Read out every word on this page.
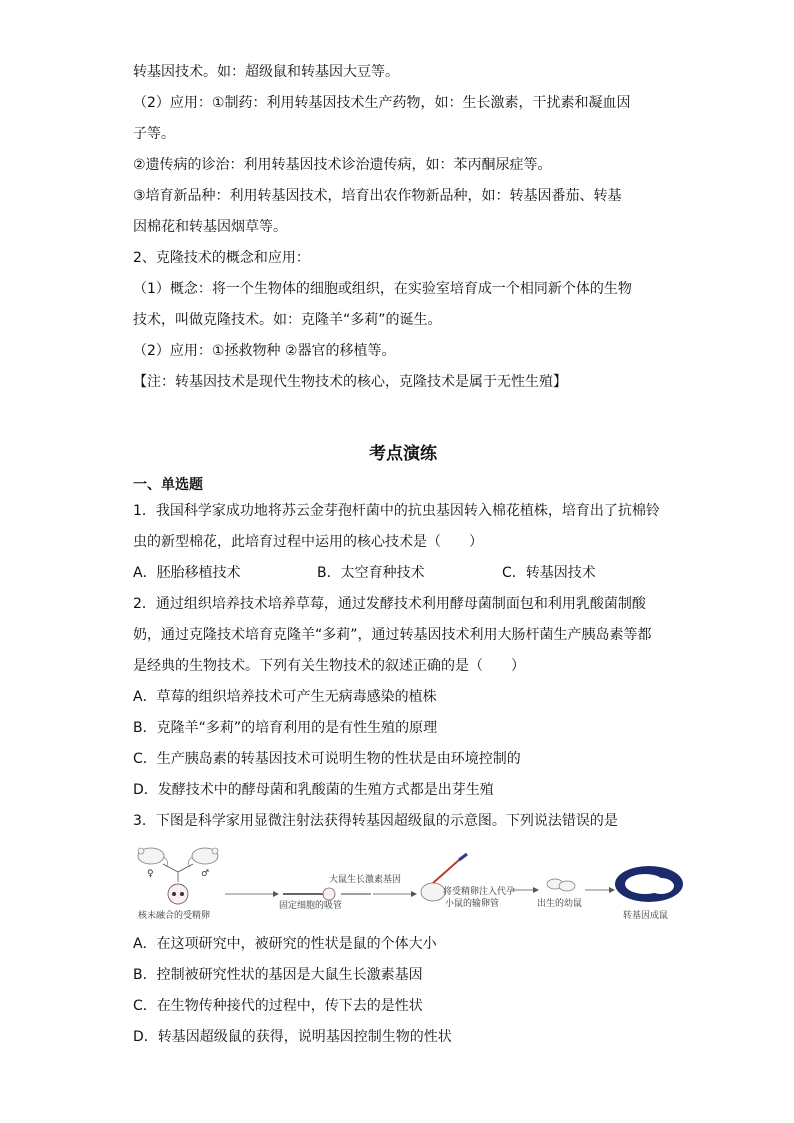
转基因技术。如：超级鼠和转基因大豆等。
（2）应用：①制药：利用转基因技术生产药物，如：生长激素，干扰素和凝血因
子等。
②遗传病的诊治：利用转基因技术诊治遗传病，如：苯丙酮尿症等。
③培育新品种：利用转基因技术，培育出农作物新品种，如：转基因番茄、转基
因棉花和转基因烟草等。
2、克隆技术的概念和应用：
（1）概念：将一个生物体的细胞或组织，在实验室培育成一个相同新个体的生物
技术，叫做克隆技术。如：克隆羊“多莉”的诞生。
（2）应用：①拯救物种 ②器官的移植等。
【注：转基因技术是现代生物技术的核心，克隆技术是属于无性生殖】
考点演练
一、单选题
1．我国科学家成功地将苏云金芽孢杆菌中的抗虫基因转入棉花植株，培育出了抗棉铃
虫的新型棉花，此培育过程中运用的核心技术是（　　）
A．胚胎移植技术	B．太空育种技术	C．转基因技术
2．通过组织培养技术培养草莓，通过发酵技术利用酵母菌制面包和利用乳酸菌制酸
奶，通过克隆技术培育克隆羊“多莉”，通过转基因技术利用大肠杆菌生产胰岛素等都
是经典的生物技术。下列有关生物技术的叙述正确的是（　　）
A．草莓的组织培养技术可产生无病毒感染的植株
B．克隆羊“多莉”的培育利用的是有性生殖的原理
C．生产胰岛素的转基因技术可说明生物的性状是由环境控制的
D．发酵技术中的酵母菌和乳酸菌的生殖方式都是出芽生殖
3．下图是科学家用显微注射法获得转基因超级鼠的示意图。下列说法错误的是
♀	♂
核未融合的受精卵
固定细胞的吸管
大鼠生长激素基因
将受精卵注入代孕
小鼠的输卵管	出生的幼鼠
转基因成鼠
A．在这项研究中，被研究的性状是鼠的个体大小
B．控制被研究性状的基因是大鼠生长激素基因
C．在生物传种接代的过程中，传下去的是性状
D．转基因超级鼠的获得，说明基因控制生物的性状
